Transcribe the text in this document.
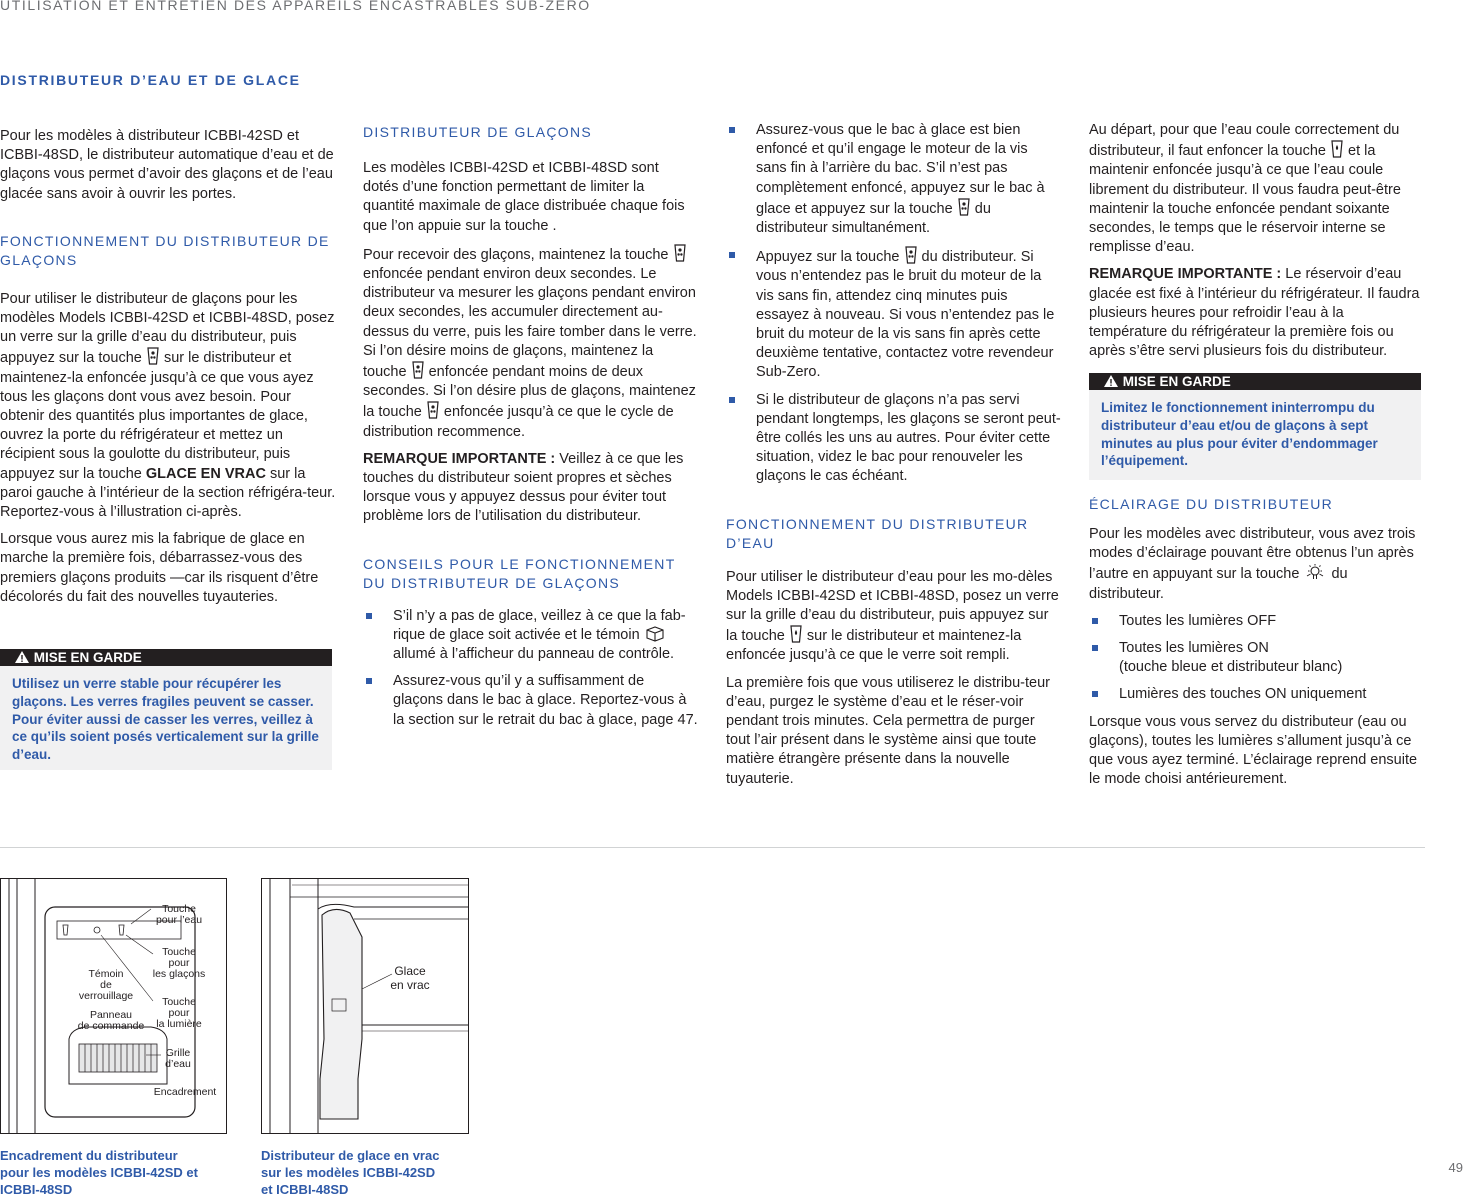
UTILISATION ET ENTRETIEN DES APPAREILS ENCASTRABLES SUB-ZERO
DISTRIBUTEUR D’EAU ET DE GLACE

Pour les modèles à distributeur ICBBI-42SD et ICBBI-48SD, le distributeur automatique d’eau et de glaçons vous permet d’avoir des glaçons et de l’eau glacée sans avoir à ouvrir les portes.

FONCTIONNEMENT DU DISTRIBUTEUR DE GLAÇONS

Pour utiliser le distributeur de glaçons pour les modèles Models ICBBI-42SD et ICBBI-48SD, posez un verre sur la grille d’eau du distributeur, puis appuyez sur la touche sur le distributeur et maintenez-la enfoncée jusqu’à ce que vous ayez tous les glaçons dont vous avez besoin. Pour obtenir des quantités plus importantes de glace, ouvrez la porte du réfrigérateur et mettez un récipient sous la goulotte du distributeur, puis appuyez sur la touche GLACE EN VRAC sur la paroi gauche à l’intérieur de la section réfrigéra-teur. Reportez-vous à l’illustration ci-après.

Lorsque vous aurez mis la fabrique de glace en marche la première fois, débarrassez-vous des premiers glaçons produits —car ils risquent d’être décolorés du fait des nouvelles tuyauteries.

MISE EN GARDE
Utilisez un verre stable pour récupérer les glaçons. Les verres fragiles peuvent se casser. Pour éviter aussi de casser les verres, veillez à ce qu’ils soient posés verticalement sur la grille d’eau.
DISTRIBUTEUR DE GLAÇONS

Les modèles ICBBI-42SD et ICBBI-48SD sont dotés d’une fonction permettant de limiter la quantité maximale de glace distribuée chaque fois que l’on appuie sur la touche .

Pour recevoir des glaçons, maintenez la touche  enfoncée pendant environ deux secondes. Le distributeur va mesurer les glaçons pendant environ deux secondes, les accumuler directement au-dessus du verre, puis les faire tomber dans le verre. Si l’on désire moins de glaçons, maintenez la touche enfoncée pendant moins de deux secondes. Si l’on désire plus de glaçons, maintenez la touche enfoncée jusqu’à ce que le cycle de distribution recommence.

REMARQUE IMPORTANTE : Veillez à ce que les touches du distributeur soient propres et sèches lorsque vous y appuyez dessus pour éviter tout problème lors de l’utilisation du distributeur.

CONSEILS POUR LE FONCTIONNEMENT DU DISTRIBUTEUR DE GLAÇONS
S’il n’y a pas de glace, veillez à ce que la fab-rique de glace soit activée et le témoin  allumé à l’afficheur du panneau de contrôle.
Assurez-vous qu’il y a suffisamment de glaçons dans le bac à glace. Reportez-vous à la section sur le retrait du bac à glace, page 47.
Assurez-vous que le bac à glace est bien enfoncé et qu’il engage le moteur de la vis sans fin à l’arrière du bac. S’il n’est pas complètement enfoncé, appuyez sur le bac à glace et appuyez sur la touche du distributeur simultanément.
Appuyez sur la touche du distributeur. Si vous n’entendez pas le bruit du moteur de la vis sans fin, attendez cinq minutes puis essayez à nouveau. Si vous n’entendez pas le bruit du moteur de la vis sans fin après cette deuxième tentative, contactez votre revendeur Sub-Zero.
Si le distributeur de glaçons n’a pas servi pendant longtemps, les glaçons se seront peut-être collés les uns au autres. Pour éviter cette situation, videz le bac pour renouveler les glaçons le cas échéant.
FONCTIONNEMENT DU DISTRIBUTEUR D’EAU

Pour utiliser le distributeur d’eau pour les mo-dèles Models ICBBI-42SD et ICBBI-48SD, posez un verre sur la grille d’eau du distributeur, puis appuyez sur la touche sur le distributeur et maintenez-la enfoncée jusqu’à ce que le verre soit rempli.

La première fois que vous utiliserez le distribu-teur d’eau, purgez le système d’eau et le réser-voir pendant trois minutes. Cela permettra de purger tout l’air présent dans le système ainsi que toute matière étrangère présente dans la nouvelle tuyauterie.

Au départ, pour que l’eau coule correctement du distributeur, il faut enfoncer la touche et la maintenir enfoncée jusqu’à ce que l’eau coule librement du distributeur. Il vous faudra peut-être maintenir la touche enfoncée pendant soixante secondes, le temps que le réservoir interne se remplisse d’eau.

REMARQUE IMPORTANTE : Le réservoir d’eau glacée est fixé à l’intérieur du réfrigérateur. Il faudra plusieurs heures pour refroidir l’eau à la température du réfrigérateur la première fois ou après s’être servi plusieurs fois du distributeur.

MISE EN GARDE
Limitez le fonctionnement ininterrompu du distributeur d’eau et/ou de glaçons à sept minutes au plus pour éviter d’endommager l’équipement.
ÉCLAIRAGE DU DISTRIBUTEUR

Pour les modèles avec distributeur, vous avez trois modes d’éclairage pouvant être obtenus l’un après l’autre en appuyant sur la touche du distributeur.

Toutes les lumières OFF
Toutes les lumières ON
(touche bleue et distributeur blanc)
Lumières des touches ON uniquement

Lorsque vous vous servez du distributeur (eau ou glaçons), toutes les lumières s’allument jusqu’à ce que vous ayez terminé. L’éclairage reprend ensuite le mode choisi antérieurement.

Touche
pour l’eau
Touche
pour
les glaçons
Témoin
de
verrouillage	Touche
pour
la lumière
Panneau
de commande
Grille
d’eau
Encadrement
Encadrement du distributeur pour les modèles ICBBI-42SD et ICBBI-48SD
Glace
en vrac
Distributeur de glace en vrac sur les modèles ICBBI-42SD et ICBBI-48SD
49
